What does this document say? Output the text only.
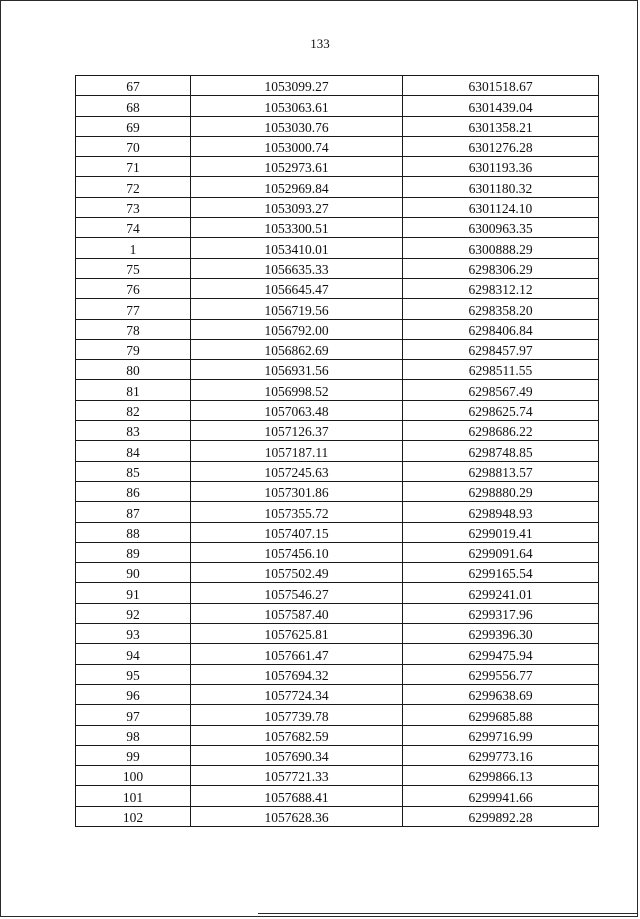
133
67	1053099.27	6301518.67
68	1053063.61	6301439.04
69	1053030.76	6301358.21
70	1053000.74	6301276.28
71	1052973.61	6301193.36
72	1052969.84	6301180.32
73	1053093.27	6301124.10
74	1053300.51	6300963.35
1	1053410.01	6300888.29
75	1056635.33	6298306.29
76	1056645.47	6298312.12
77	1056719.56	6298358.20
78	1056792.00	6298406.84
79	1056862.69	6298457.97
80	1056931.56	6298511.55
81	1056998.52	6298567.49
82	1057063.48	6298625.74
83	1057126.37	6298686.22
84	1057187.11	6298748.85
85	1057245.63	6298813.57
86	1057301.86	6298880.29
87	1057355.72	6298948.93
88	1057407.15	6299019.41
89	1057456.10	6299091.64
90	1057502.49	6299165.54
91	1057546.27	6299241.01
92	1057587.40	6299317.96
93	1057625.81	6299396.30
94	1057661.47	6299475.94
95	1057694.32	6299556.77
96	1057724.34	6299638.69
97	1057739.78	6299685.88
98	1057682.59	6299716.99
99	1057690.34	6299773.16
100	1057721.33	6299866.13
101	1057688.41	6299941.66
102	1057628.36	6299892.28
